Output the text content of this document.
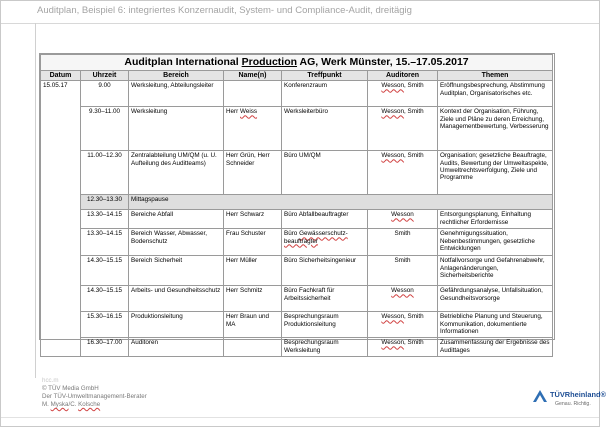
Auditplan, Beispiel 6: integriertes Konzernaudit, System- und Compliance-Audit, dreitägig
Auditplan International Production AG, Werk Münster, 15.–17.05.2017						
Datum	Uhrzeit	Bereich	Name(n)	Treffpunkt	Auditoren	Themen
15.05.17	9.00	Werksleitung, Abteilungsleiter		Konferenzraum	Wesson, Smith	Eröffnungsbesprechung, Abstimmung Auditplan, Organisatorisches etc.
	9.30–11.00	Werksleitung	Herr Weiss	Werksleiterbüro	Wesson, Smith	Kontext der Organisation, Führung, Ziele und Pläne zu deren Erreichung, Managementbewertung, Verbesserung
	11.00–12.30	Zentralabteilung UM/QM (u. U. Aufteilung des Auditteams)	Herr Grün, Herr Schneider	Büro UM/QM	Wesson, Smith	Organisation; gesetzliche Beauftragte, Audits, Bewertung der Umweltaspekte, Umweltrechtsverfolgung, Ziele und Programme
	12.30–13.30	Mittagspause				
	13.30–14.15	Bereiche Abfall	Herr Schwarz	Büro Abfallbeauftragter	Wesson	Entsorgungsplanung, Einhaltung rechtlicher Erfordernisse
	13.30–14.15	Bereich Wasser, Abwasser, Bodenschutz	Frau Schuster	Büro Gewässerschutz-beauftragter	Smith	Genehmigungssituation, Nebenbestimmungen, gesetzliche Entwicklungen
	14.30–15.15	Bereich Sicherheit	Herr Müller	Büro Sicherheitsingenieur	Smith	Notfallvorsorge und Gefahrenabwehr, Anlagenänderungen, Sicherheitsberichte
	14.30–15.15	Arbeits- und Gesundheitsschutz	Herr Schmitz	Büro Fachkraft für Arbeitssicherheit	Wesson	Gefährdungsanalyse, Unfallsituation, Gesundheitsvorsorge
	15.30–16.15	Produktionsleitung	Herr Braun und MA	Besprechungsraum Produktionsleitung	Wesson, Smith	Betriebliche Planung und Steuerung, Kommunikation, dokumentierte Informationen
	16.30–17.00	Auditoren		Besprechungsraum Werksleitung	Wesson, Smith	Zusammenfassung der Ergebnisse des Audittages
hcc.m
© TÜV Media GmbH
Der TÜV-Umweltmanagement-Berater
M. Myska/C. Kolsche
TÜVRheinland®
Genau. Richtig.
